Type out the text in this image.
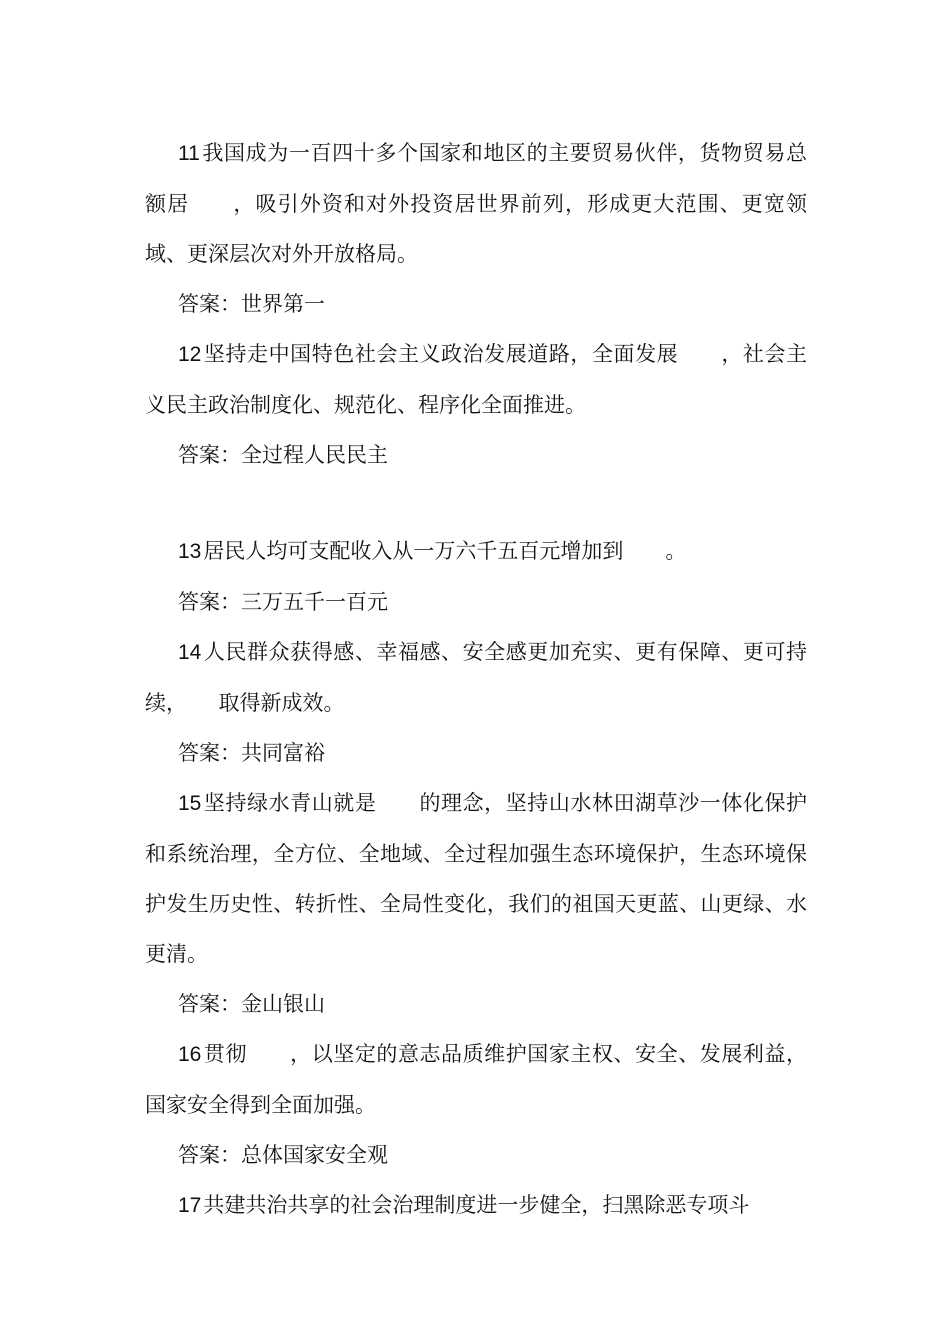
11我国成为一百四十多个国家和地区的主要贸易伙伴，货物贸易总额居　　，吸引外资和对外投资居世界前列，形成更大范围、更宽领域、更深层次对外开放格局。

答案：世界第一

12坚持走中国特色社会主义政治发展道路，全面发展　　，社会主义民主政治制度化、规范化、程序化全面推进。

答案：全过程人民民主

13居民人均可支配收入从一万六千五百元增加到　　。

答案：三万五千一百元

14人民群众获得感、幸福感、安全感更加充实、更有保障、更可持续，　　取得新成效。

答案：共同富裕

15坚持绿水青山就是　　的理念，坚持山水林田湖草沙一体化保护和系统治理，全方位、全地域、全过程加强生态环境保护，生态环境保护发生历史性、转折性、全局性变化，我们的祖国天更蓝、山更绿、水更清。

答案：金山银山

16贯彻　　，以坚定的意志品质维护国家主权、安全、发展利益，国家安全得到全面加强。

答案：总体国家安全观

17共建共治共享的社会治理制度进一步健全，扫黑除恶专项斗
